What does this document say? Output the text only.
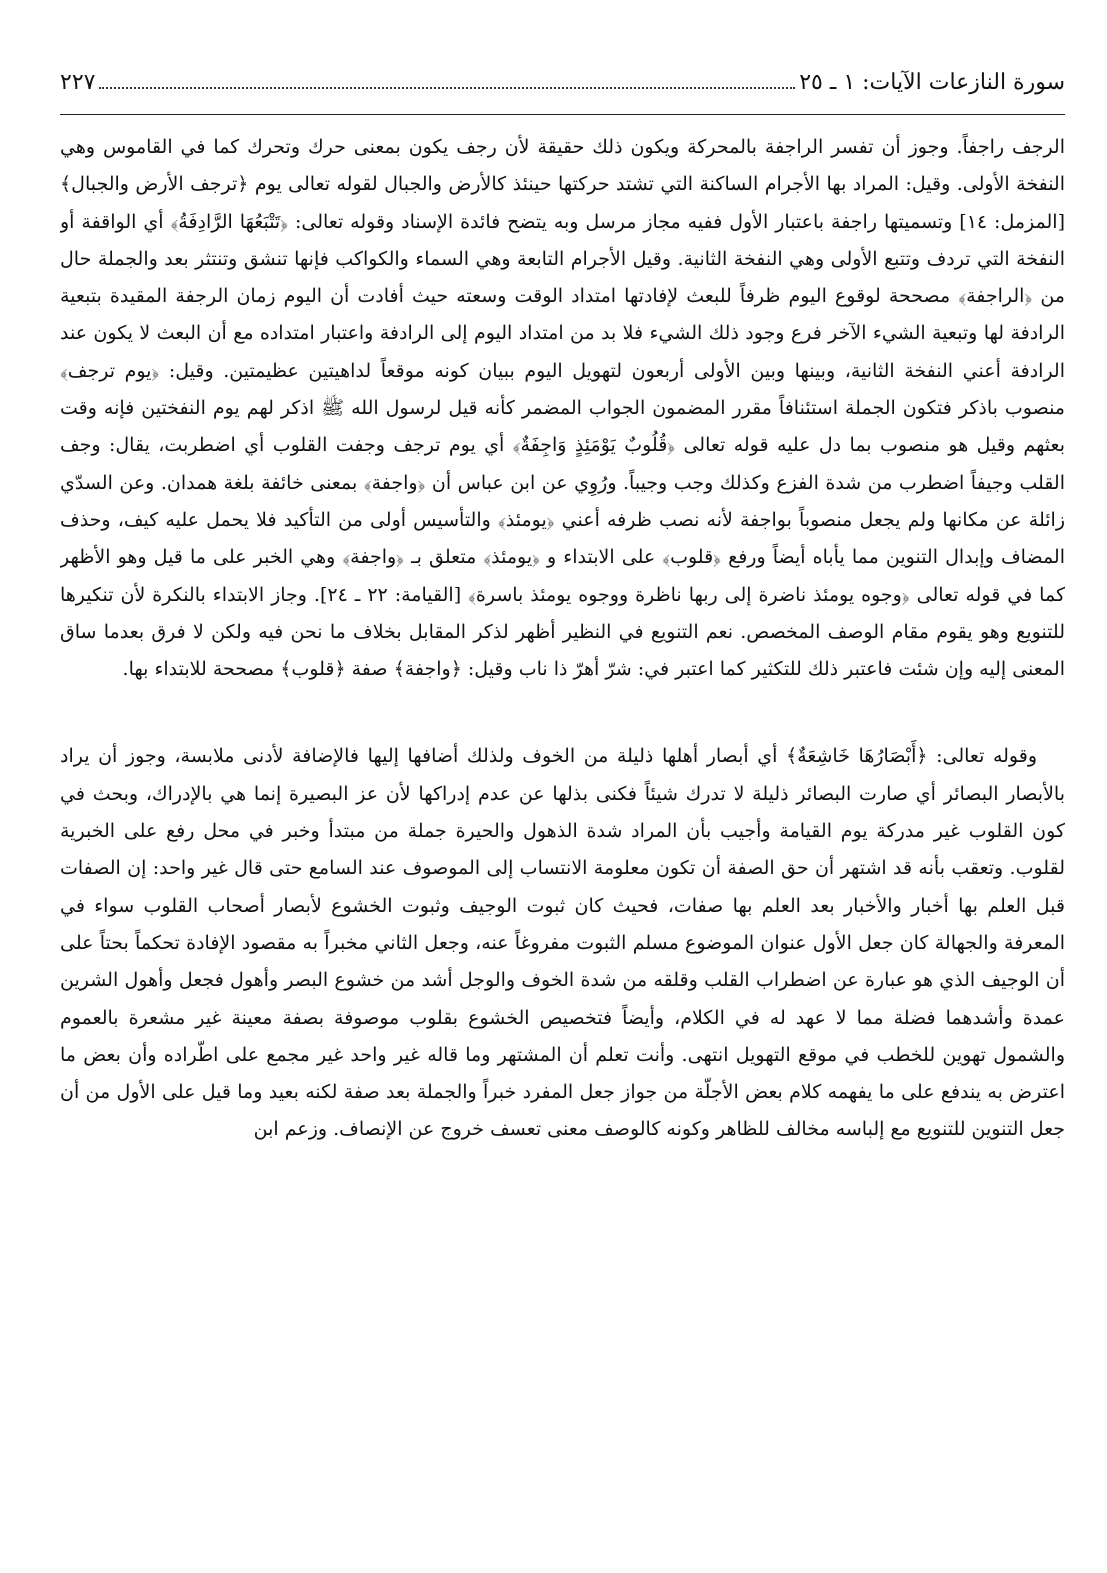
سورة النازعات الآيات: ١ ـ ٢٥
٢٢٧

الرجف راجفاً. وجوز أن تفسر الراجفة بالمحركة ويكون ذلك حقيقة لأن رجف يكون بمعنى حرك وتحرك كما في القاموس وهي النفخة الأولى. وقيل: المراد بها الأجرام الساكنة التي تشتد حركتها حينئذ كالأرض والجبال لقوله تعالى يوم ﴿ترجف الأرض والجبال﴾ [المزمل: ١٤] وتسميتها راجفة باعتبار الأول ففيه مجاز مرسل وبه يتضح فائدة الإسناد وقوله تعالى: ﴿تَتْبَعُهَا الرَّادِفَةُ﴾ أي الواقفة أو النفخة التي تردف وتتبع الأولى وهي النفخة الثانية. وقيل الأجرام التابعة وهي السماء والكواكب فإنها تنشق وتنتثر بعد والجملة حال من ﴿الراجفة﴾ مصححة لوقوع اليوم ظرفاً للبعث لإفادتها امتداد الوقت وسعته حيث أفادت أن اليوم زمان الرجفة المقيدة بتبعية الرادفة لها وتبعية الشيء الآخر فرع وجود ذلك الشيء فلا بد من امتداد اليوم إلى الرادفة واعتبار امتداده مع أن البعث لا يكون عند الرادفة أعني النفخة الثانية، وبينها وبين الأولى أربعون لتهويل اليوم ببيان كونه موقعاً لداهيتين عظيمتين. وقيل: ﴿يوم ترجف﴾ منصوب باذكر فتكون الجملة استئنافاً مقرر المضمون الجواب المضمر كأنه قيل لرسول الله ﷺ اذكر لهم يوم النفختين فإنه وقت بعثهم وقيل هو منصوب بما دل عليه قوله تعالى ﴿قُلُوبٌ يَوْمَئِذٍ وَاجِفَةٌ﴾ أي يوم ترجف وجفت القلوب أي اضطربت، يقال: وجف القلب وجيفاً اضطرب من شدة الفزع وكذلك وجب وجيباً. ورُوِي عن ابن عباس أن ﴿واجفة﴾ بمعنى خائفة بلغة همدان. وعن السدّي زائلة عن مكانها ولم يجعل منصوباً بواجفة لأنه نصب ظرفه أعني ﴿يومئذ﴾ والتأسيس أولى من التأكيد فلا يحمل عليه كيف، وحذف المضاف وإبدال التنوين مما يأباه أيضاً ورفع ﴿قلوب﴾ على الابتداء و ﴿يومئذ﴾ متعلق بـ ﴿واجفة﴾ وهي الخبر على ما قيل وهو الأظهر كما في قوله تعالى ﴿وجوه يومئذ ناضرة إلى ربها ناظرة ووجوه يومئذ باسرة﴾ [القيامة: ٢٢ ـ ٢٤]. وجاز الابتداء بالنكرة لأن تنكيرها للتنويع وهو يقوم مقام الوصف المخصص. نعم التنويع في النظير أظهر لذكر المقابل بخلاف ما نحن فيه ولكن لا فرق بعدما ساق المعنى إليه وإن شئت فاعتبر ذلك للتكثير كما اعتبر في: شرّ أهرّ ذا ناب وقيل: ﴿واجفة﴾ صفة ﴿قلوب﴾ مصححة للابتداء بها.

وقوله تعالى: ﴿أَبْصَارُهَا خَاشِعَةٌ﴾ أي أبصار أهلها ذليلة من الخوف ولذلك أضافها إليها فالإضافة لأدنى ملابسة، وجوز أن يراد بالأبصار البصائر أي صارت البصائر ذليلة لا تدرك شيئاً فكنى بذلها عن عدم إدراكها لأن عز البصيرة إنما هي بالإدراك، وبحث في كون القلوب غير مدركة يوم القيامة وأجيب بأن المراد شدة الذهول والحيرة جملة من مبتدأ وخبر في محل رفع على الخبرية لقلوب. وتعقب بأنه قد اشتهر أن حق الصفة أن تكون معلومة الانتساب إلى الموصوف عند السامع حتى قال غير واحد: إن الصفات قبل العلم بها أخبار والأخبار بعد العلم بها صفات، فحيث كان ثبوت الوجيف وثبوت الخشوع لأبصار أصحاب القلوب سواء في المعرفة والجهالة كان جعل الأول عنوان الموضوع مسلم الثبوت مفروغاً عنه، وجعل الثاني مخبراً به مقصود الإفادة تحكماً بحتاً على أن الوجيف الذي هو عبارة عن اضطراب القلب وقلقه من شدة الخوف والوجل أشد من خشوع البصر وأهول فجعل وأهول الشرين عمدة وأشدهما فضلة مما لا عهد له في الكلام، وأيضاً فتخصيص الخشوع بقلوب موصوفة بصفة معينة غير مشعرة بالعموم والشمول تهوين للخطب في موقع التهويل انتهى. وأنت تعلم أن المشتهر وما قاله غير واحد غير مجمع على اطّراده وأن بعض ما اعترض به يندفع على ما يفهمه كلام بعض الأجلّة من جواز جعل المفرد خبراً والجملة بعد صفة لكنه بعيد وما قيل على الأول من أن جعل التنوين للتنويع مع إلباسه مخالف للظاهر وكونه كالوصف معنى تعسف خروج عن الإنصاف. وزعم ابن
